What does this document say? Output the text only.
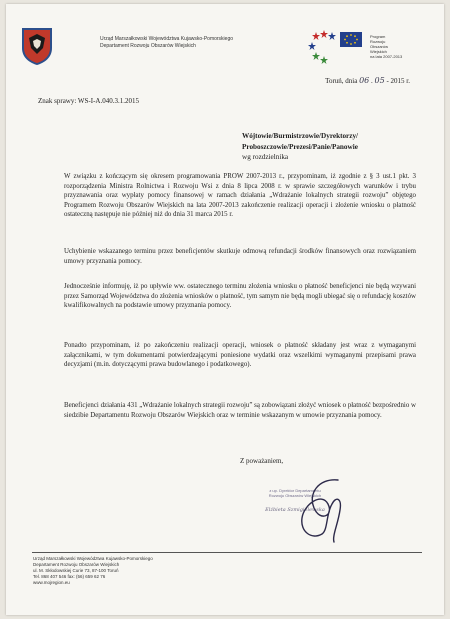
Urząd Marszałkowski Województwa Kujawsko-Pomorskiego
Departament Rozwoju Obszarów Wiejskich
Program
Rozwoju
Obszarów
Wiejskich
na lata 2007-2013
Toruń, dnia 06 . 05 - 2015 r.
Znak sprawy: WS-I-A.040.3.1.2015
Wójtowie/Burmistrzowie/Dyrektorzy/
Proboszczowie/Prezesi/Panie/Panowie
wg rozdzielnika

W związku z kończącym się okresem programowania PROW 2007-2013 r., przypominam, iż zgodnie z § 3 ust.1 pkt. 3 rozporządzenia Ministra Rolnictwa i Rozwoju Wsi z dnia 8 lipca 2008 r. w sprawie szczegółowych warunków i trybu przyznawania oraz wypłaty pomocy finansowej w ramach działania „Wdrażanie lokalnych strategii rozwoju” objętego Programem Rozwoju Obszarów Wiejskich na lata 2007-2013 zakończenie realizacji operacji i złożenie wniosku o płatność ostateczną następuje nie później niż do dnia 31 marca 2015 r.

Uchybienie wskazanego terminu przez beneficjentów skutkuje odmową refundacji środków finansowych oraz rozwiązaniem umowy przyznania pomocy.

Jednocześnie informuję, iż po upływie ww. ostatecznego terminu złożenia wniosku o płatność beneficjenci nie będą wzywani przez Samorząd Województwa do złożenia wniosków o płatność, tym samym nie będą mogli ubiegać się o refundację kosztów kwalifikowalnych na podstawie umowy przyznania pomocy.

Ponadto przypominam, iż po zakończeniu realizacji operacji, wniosek o płatność składany jest wraz z wymaganymi załącznikami, w tym dokumentami potwierdzającymi poniesione wydatki oraz wszelkimi wymaganymi przepisami prawa decyzjami (m.in. dotyczącymi prawa budowlanego i podatkowego).

Beneficjenci działania 431 „Wdrażanie lokalnych strategii rozwoju” są zobowiązani złożyć wniosek o płatność bezpośrednio w siedzibie Departamentu Rozwoju Obszarów Wiejskich oraz w terminie wskazanym w umowie przyznania pomocy.

Z poważaniem,
z up. Dyrektor Departamentu
Rozwoju Obszarów Wiejskich
Elżbieta Szmigielewska
Urząd Marszałkowski Województwa Kujawsko-Pomorskiego
Departament Rozwoju Obszarów Wiejskich
ul. M. Skłodowskiej Curie 73, 87-100 Toruń
Tel. 868 407 546 fax: (56) 659 62 76
www.mojregion.eu
